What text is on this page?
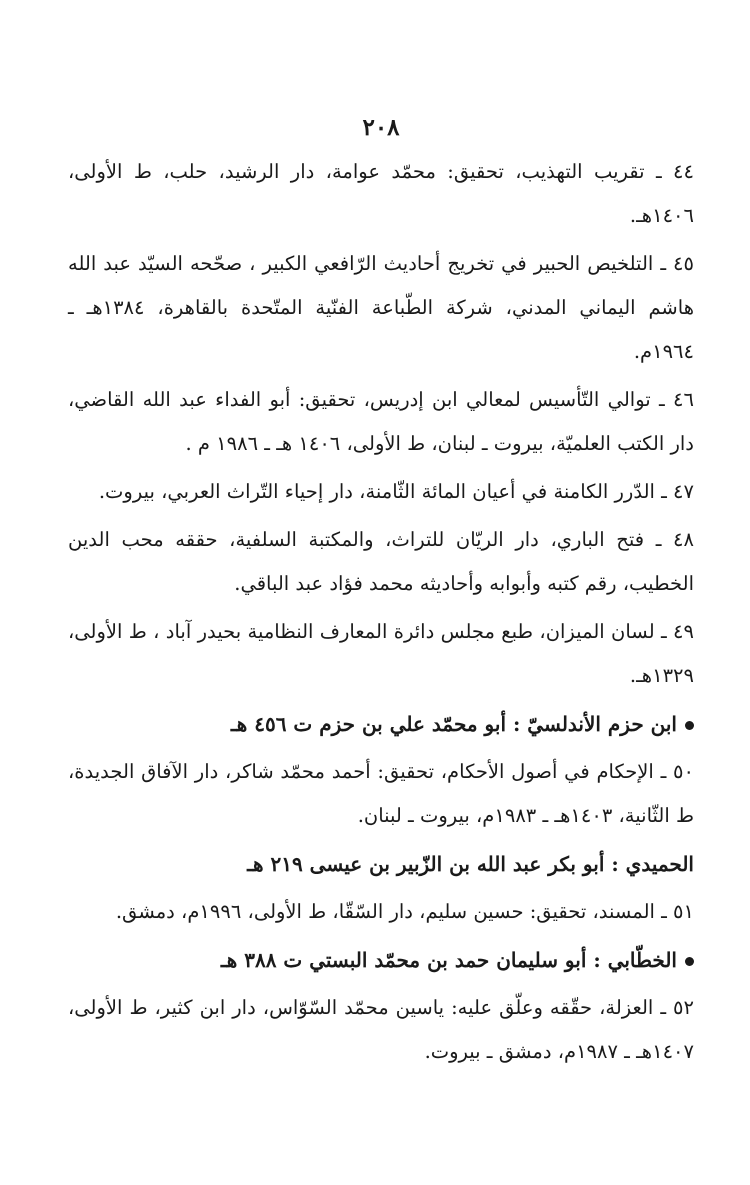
٢٠٨

٤٤ ـ تقريب التهذيب، تحقيق: محمّد عوامة، دار الرشيد، حلب، ط الأولى، ١٤٠٦هـ.

٤٥ ـ التلخيص الحبير في تخريج أحاديث الرّافعي الكبير ، صحّحه السيّد عبد الله هاشم اليماني المدني، شركة الطّباعة الفنّية المتّحدة بالقاهرة، ١٣٨٤هـ ـ ١٩٦٤م.

٤٦ ـ توالي التّأسيس لمعالي ابن إدريس، تحقيق: أبو الفداء عبد الله القاضي، دار الكتب العلميّة، بيروت ـ لبنان، ط الأولى، ١٤٠٦ هـ ـ ١٩٨٦ م .

٤٧ ـ الدّرر الكامنة في أعيان المائة الثّامنة، دار إحياء التّراث العربي، بيروت.

٤٨ ـ فتح الباري، دار الريّان للتراث، والمكتبة السلفية، حققه محب الدين الخطيب، رقم كتبه وأبوابه وأحاديثه محمد فؤاد عبد الباقي.

٤٩ ـ لسان الميزان، طبع مجلس دائرة المعارف النظامية بحيدر آباد ، ط الأولى، ١٣٢٩هـ.

ابن حزم الأندلسيّ : أبو محمّد علي بن حزم ت ٤٥٦ هـ

٥٠ ـ الإحكام في أصول الأحكام، تحقيق: أحمد محمّد شاكر، دار الآفاق الجديدة، ط الثّانية، ١٤٠٣هـ ـ ١٩٨٣م، بيروت ـ لبنان.

الحميدي : أبو بكر عبد الله بن الزّبير بن عيسى ٢١٩ هـ

٥١ ـ المسند، تحقيق: حسين سليم، دار السّقّا، ط الأولى، ١٩٩٦م، دمشق.

الخطّابي : أبو سليمان حمد بن محمّد البستي ت ٣٨٨ هـ

٥٢ ـ العزلة، حقّقه وعلّق عليه: ياسين محمّد السّوّاس، دار ابن كثير، ط الأولى، ١٤٠٧هـ ـ ١٩٨٧م، دمشق ـ بيروت.
